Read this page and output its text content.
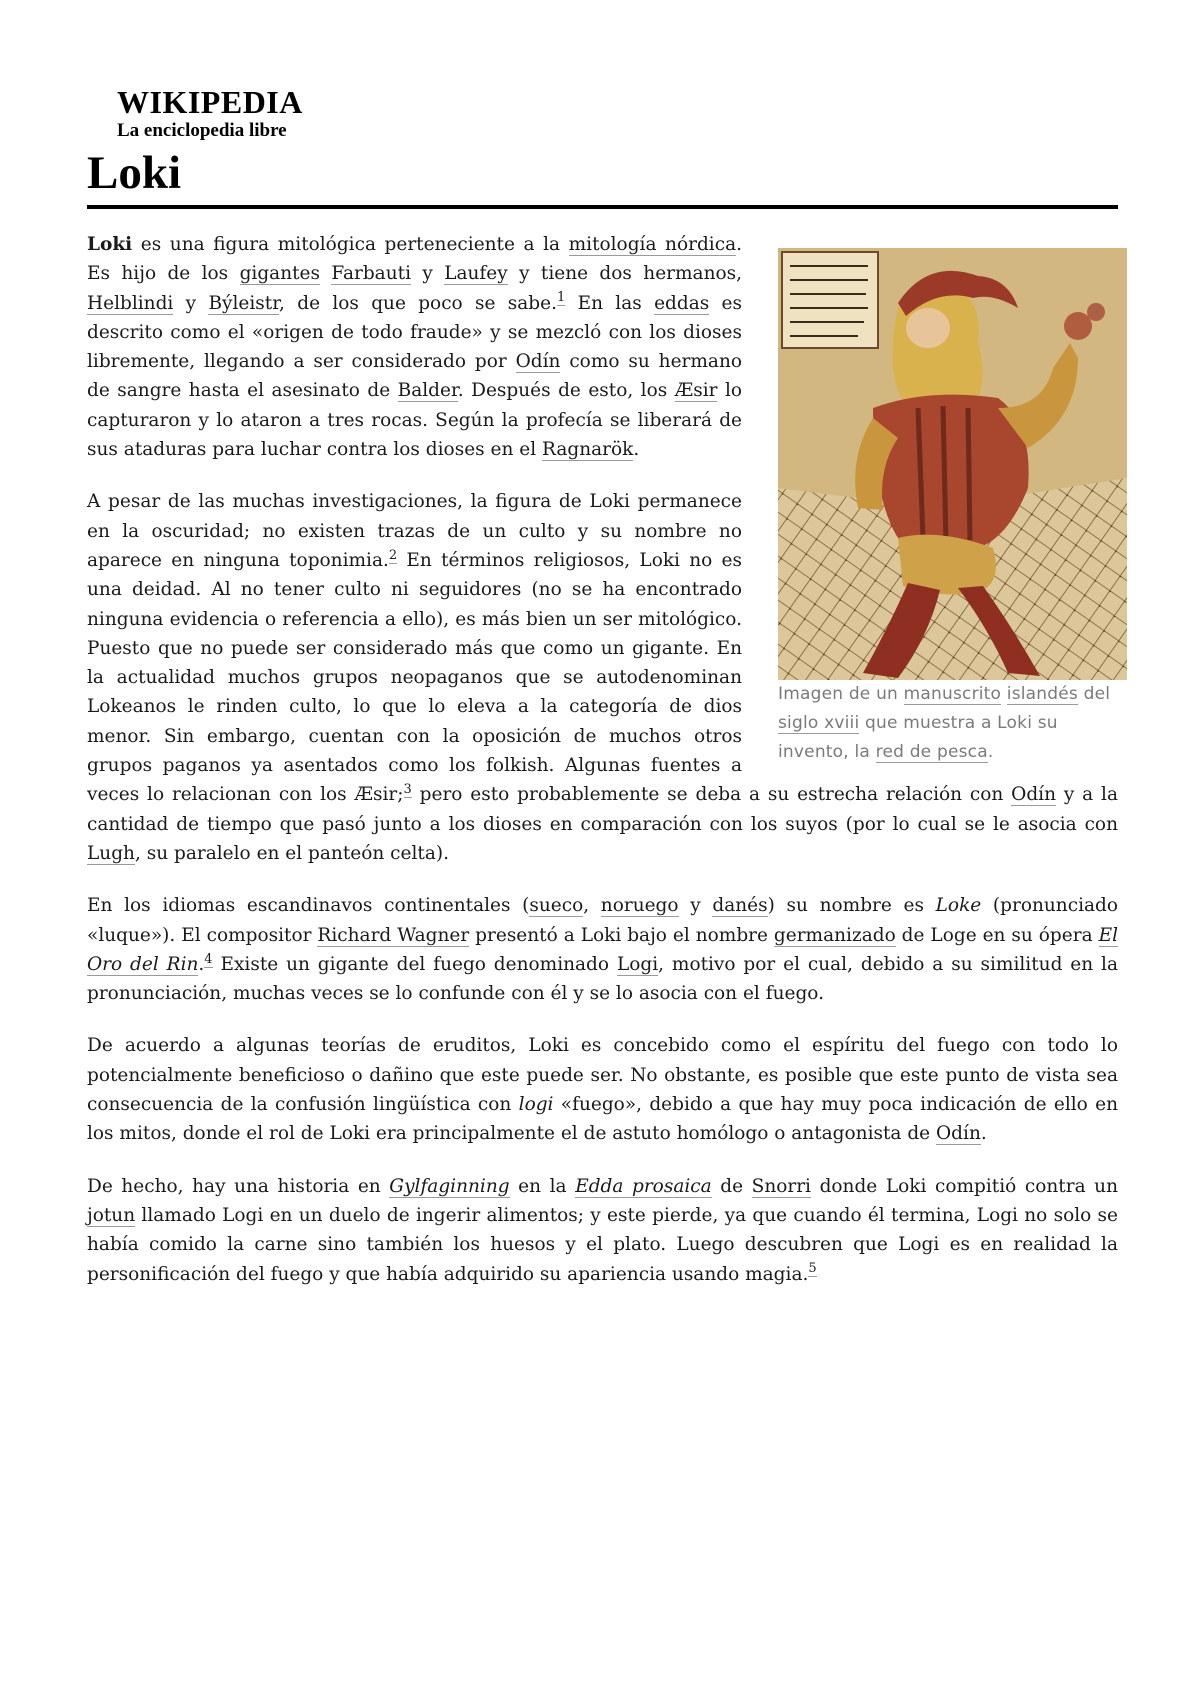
WIKIPEDIA
La enciclopedia libre
Loki
Imagen de un manuscrito islandés del siglo xviii que muestra a Loki su invento, la red de pesca.

Loki es una figura mitológica perteneciente a la mitología nórdica. Es hijo de los gigantes Farbauti y Laufey y tiene dos hermanos, Helblindi y Býleistr, de los que poco se sabe.$^1$ En las eddas es descrito como el «origen de todo fraude» y se mezcló con los dioses libremente, llegando a ser considerado por Odín como su hermano de sangre hasta el asesinato de Balder. Después de esto, los Æsir lo capturaron y lo ataron a tres rocas. Según la profecía se liberará de sus ataduras para luchar contra los dioses en el Ragnarök.

A pesar de las muchas investigaciones, la figura de Loki permanece en la oscuridad; no existen trazas de un culto y su nombre no aparece en ninguna toponimia.$^2$ En términos religiosos, Loki no es una deidad. Al no tener culto ni seguidores (no se ha encontrado ninguna evidencia o referencia a ello), es más bien un ser mitológico. Puesto que no puede ser considerado más que como un gigante. En la actualidad muchos grupos neopaganos que se autodenominan Lokeanos le rinden culto, lo que lo eleva a la categoría de dios menor. Sin embargo, cuentan con la oposición de muchos otros grupos paganos ya asentados como los folkish. Algunas fuentes a veces lo relacionan con los Æsir;$^3$ pero esto probablemente se deba a su estrecha relación con Odín y a la cantidad de tiempo que pasó junto a los dioses en comparación con los suyos (por lo cual se le asocia con Lugh, su paralelo en el panteón celta).

En los idiomas escandinavos continentales (sueco, noruego y danés) su nombre es Loke (pronunciado «luque»). El compositor Richard Wagner presentó a Loki bajo el nombre germanizado de Loge en su ópera El Oro del Rin.$^4$ Existe un gigante del fuego denominado Logi, motivo por el cual, debido a su similitud en la pronunciación, muchas veces se lo confunde con él y se lo asocia con el fuego.

De acuerdo a algunas teorías de eruditos, Loki es concebido como el espíritu del fuego con todo lo potencialmente beneficioso o dañino que este puede ser. No obstante, es posible que este punto de vista sea consecuencia de la confusión lingüística con logi «fuego», debido a que hay muy poca indicación de ello en los mitos, donde el rol de Loki era principalmente el de astuto homólogo o antagonista de Odín.

De hecho, hay una historia en Gylfaginning en la Edda prosaica de Snorri donde Loki compitió contra un jotun llamado Logi en un duelo de ingerir alimentos; y este pierde, ya que cuando él termina, Logi no solo se había comido la carne sino también los huesos y el plato. Luego descubren que Logi es en realidad la personificación del fuego y que había adquirido su apariencia usando magia.$^5$
